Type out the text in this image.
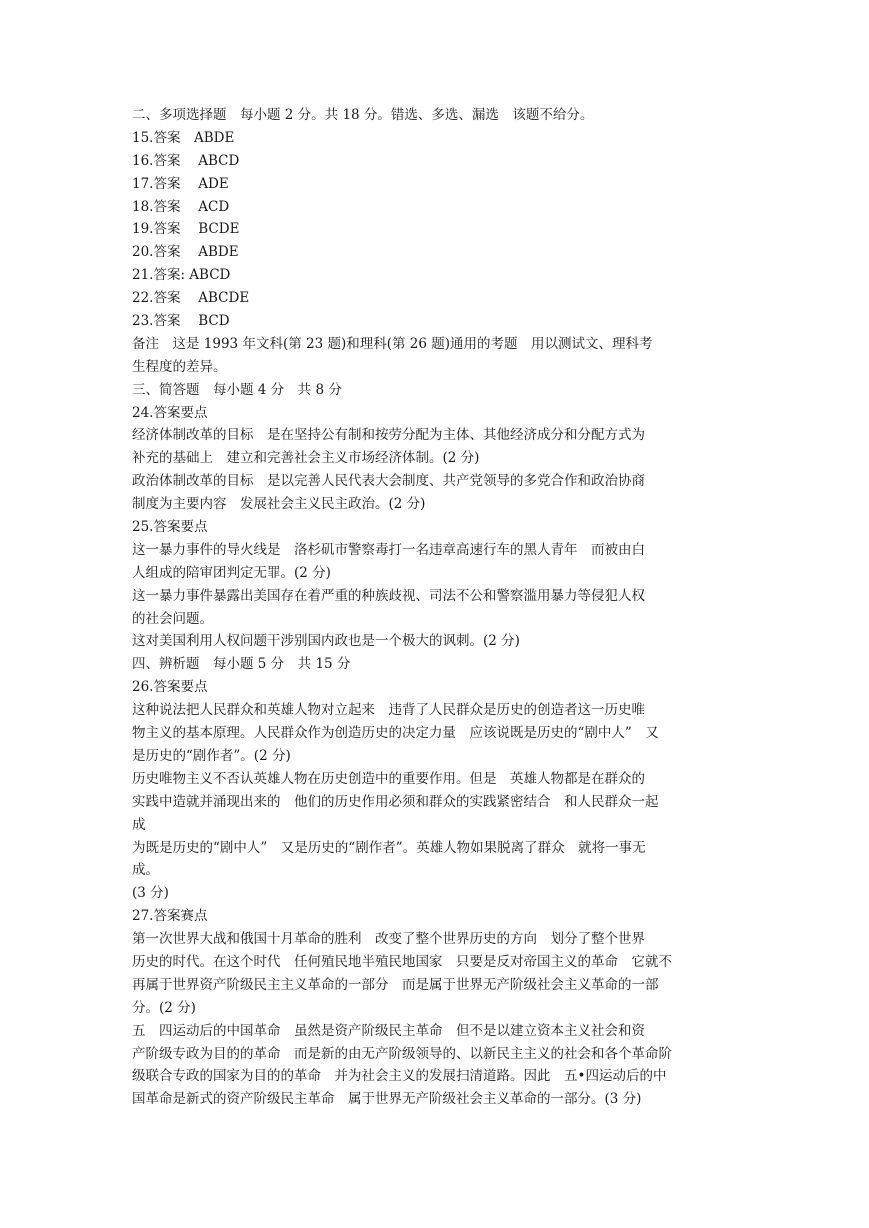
二、多项选择题　每小题 2 分。共 18 分。错选、多选、漏选　该题不给分。
15.答案　ABDE
16.答案　 ABCD
17.答案　 ADE
18.答案　 ACD
19.答案　 BCDE
20.答案　 ABDE
21.答案: ABCD
22.答案　 ABCDE
23.答案　 BCD
备注　这是 1993 年文科(第 23 题)和理科(第 26 题)通用的考题　用以测试文、理科考
生程度的差异。
三、简答题　每小题 4 分　共 8 分
24.答案要点
经济体制改革的目标　是在坚持公有制和按劳分配为主体、其他经济成分和分配方式为
补充的基础上　建立和完善社会主义市场经济体制。(2 分)
政治体制改革的目标　是以完善人民代表大会制度、共产党领导的多党合作和政治协商
制度为主要内容　发展社会主义民主政治。(2 分)
25.答案要点
这一暴力事件的导火线是　洛杉矶市警察毒打一名违章高速行车的黑人青年　而被由白
人组成的陪审团判定无罪。(2 分)
这一暴力事件暴露出美国存在着严重的种族歧视、司法不公和警察滥用暴力等侵犯人权
的社会问题。
这对美国利用人权问题干涉别国内政也是一个极大的讽刺。(2 分)
四、辨析题　每小题 5 分　共 15 分
26.答案要点
这种说法把人民群众和英雄人物对立起来　违背了人民群众是历史的创造者这一历史唯
物主义的基本原理。人民群众作为创造历史的决定力量　应该说既是历史的“剧中人”　又
是历史的“剧作者”。(2 分)
历史唯物主义不否认英雄人物在历史创造中的重要作用。但是　英雄人物都是在群众的
实践中造就并涌现出来的　他们的历史作用必须和群众的实践紧密结合　和人民群众一起
成
为既是历史的“剧中人”　又是历史的“剧作者”。英雄人物如果脱离了群众　就将一事无
成。
(3 分)
27.答案赛点
第一次世界大战和俄国十月革命的胜利　改变了整个世界历史的方向　划分了整个世界
历史的时代。在这个时代　任何殖民地半殖民地国家　只要是反对帝国主义的革命　它就不
再属于世界资产阶级民主主义革命的一部分　而是属于世界无产阶级社会主义革命的一部
分。(2 分)
五　四运动后的中国革命　虽然是资产阶级民主革命　但不是以建立资本主义社会和资
产阶级专政为目的的革命　而是新的由无产阶级领导的、以新民主主义的社会和各个革命阶
级联合专政的国家为目的的革命　并为社会主义的发展扫清道路。因此　五•四运动后的中
国革命是新式的资产阶级民主革命　属于世界无产阶级社会主义革命的一部分。(3 分)
